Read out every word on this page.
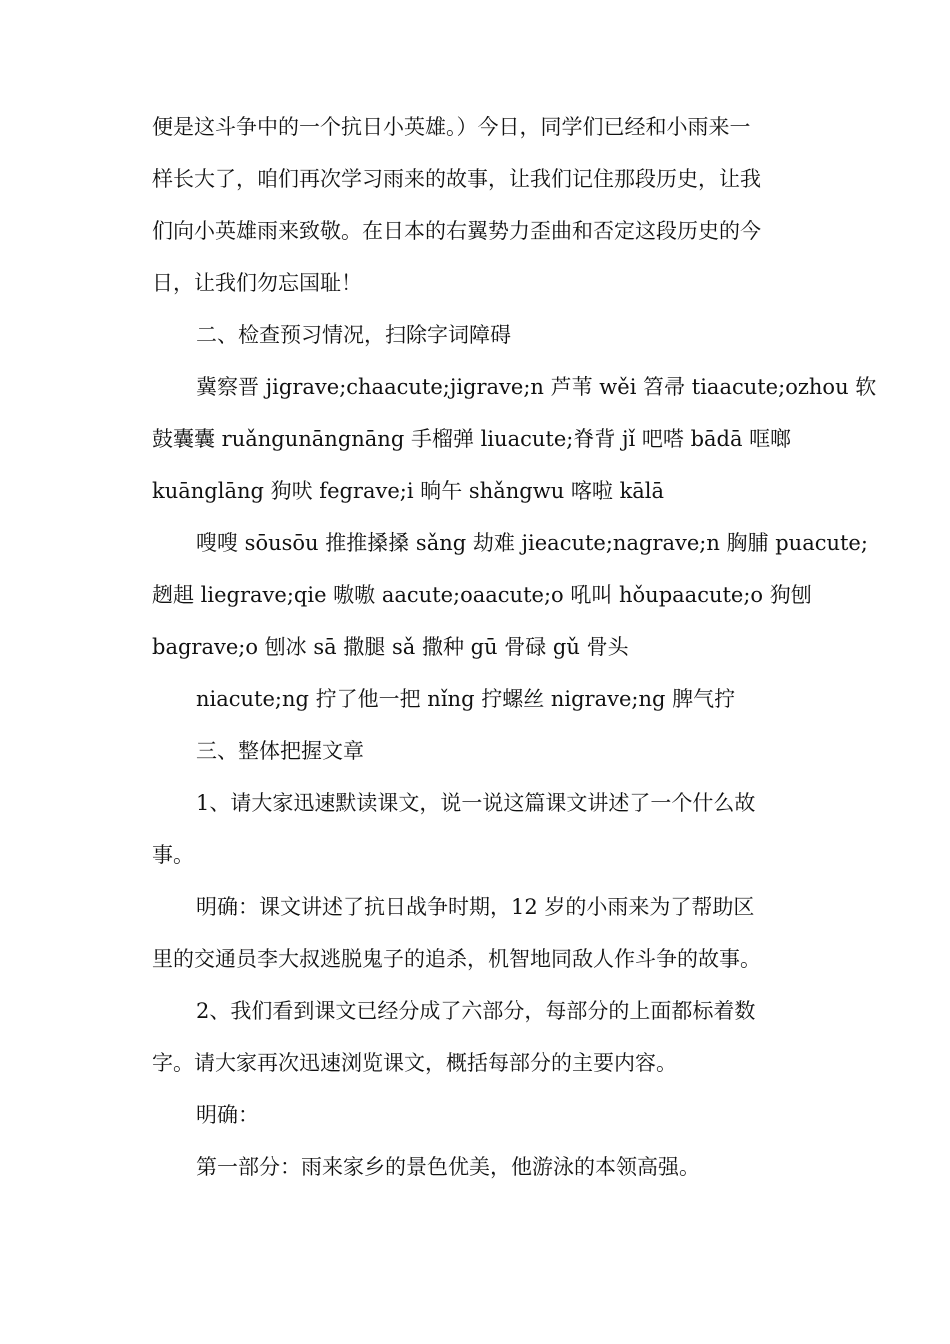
便是这斗争中的一个抗日小英雄。）今日，同学们已经和小雨来一
样长大了，咱们再次学习雨来的故事，让我们记住那段历史，让我
们向小英雄雨来致敬。在日本的右翼势力歪曲和否定这段历史的今
日，让我们勿忘国耻！
二、检查预习情况，扫除字词障碍
冀察晋 jigrave;chaacute;jigrave;n 芦苇 wěi 笤帚 tiaacute;ozhou 软
鼓囊囊 ruǎngunāngnāng 手榴弹 liuacute;脊背 jǐ 吧嗒 bādā 哐啷
kuānglāng 狗吠 fegrave;i 晌午 shǎngwu 喀啦 kālā
嗖嗖 sōusōu 推推搡搡 sǎng 劫难 jieacute;nagrave;n 胸脯 puacute;
趔趄 liegrave;qie 嗷嗷 aacute;oaacute;o 吼叫 hǒupaacute;o 狗刨
bagrave;o 刨冰 sā 撒腿 sǎ 撒种 gū 骨碌 gǔ 骨头
niacute;ng 拧了他一把 nǐng 拧螺丝 nigrave;ng 脾气拧
三、整体把握文章
1、请大家迅速默读课文，说一说这篇课文讲述了一个什么故
事。
明确：课文讲述了抗日战争时期，12 岁的小雨来为了帮助区
里的交通员李大叔逃脱鬼子的追杀，机智地同敌人作斗争的故事。
2、我们看到课文已经分成了六部分，每部分的上面都标着数
字。请大家再次迅速浏览课文，概括每部分的主要内容。
明确：
第一部分：雨来家乡的景色优美，他游泳的本领高强。
